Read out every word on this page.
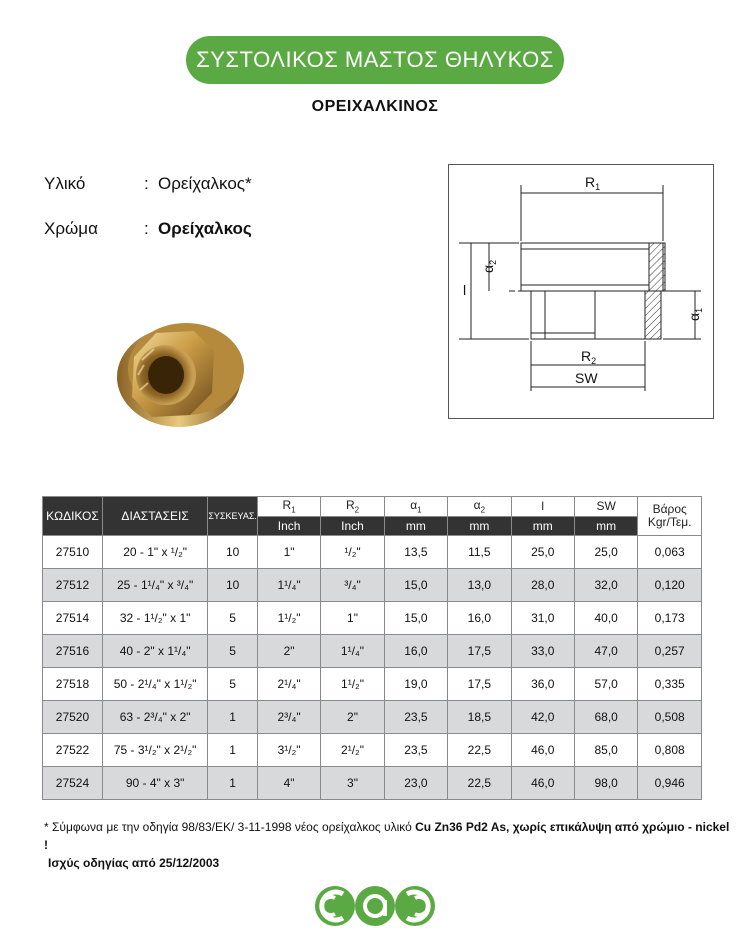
ΣΥΣΤΟΛΙΚΟΣ ΜΑΣΤΟΣ ΘΗΛΥΚΟΣ
ΟΡΕΙΧΑΛΚΙΝΟΣ
Υλικό	: Ορείχαλκος*
Χρώμα	: Ορείχαλκος
$R_1$
$R_2$
SW
l
$\alpha_2$
$\alpha_1$
ΚΩΔΙΚΟΣ	ΔΙΑΣΤΑΣΕΙΣ	ΣΥΣΚΕΥΑΣ.	$R_1$	$R_2$	$\alpha_1$	$\alpha_2$	l	SW	Βάρος
Kgr/Τεμ.
			Inch	Inch	mm	mm	mm	mm	
27510	20 - 1" x ¹/₂"	10	1"	¹/₂"	13,5	11,5	25,0	25,0	0,063
27512	25 - 1¹/₄" x ³/₄"	10	1¹/₄"	³/₄"	15,0	13,0	28,0	32,0	0,120
27514	32 - 1¹/₂" x 1"	5	1¹/₂"	1"	15,0	16,0	31,0	40,0	0,173
27516	40 - 2" x 1¹/₄"	5	2"	1¹/₄"	16,0	17,5	33,0	47,0	0,257
27518	50 - 2¹/₄" x 1¹/₂"	5	2¹/₄"	1¹/₂"	19,0	17,5	36,0	57,0	0,335
27520	63 - 2³/₄" x 2"	1	2³/₄"	2"	23,5	18,5	42,0	68,0	0,508
27522	75 - 3¹/₂" x 2¹/₂"	1	3¹/₂"	2¹/₂"	23,5	22,5	46,0	85,0	0,808
27524	90 - 4" x 3"	1	4"	3"	23,0	22,5	46,0	98,0	0,946
* Σύμφωνα με την οδηγία 98/83/ΕΚ/ 3-11-1998 νέος ορείχαλκος υλικό Cu Zn36 Pd2 As, χωρίς επικάλυψη από χρώμιο - nickel !
Ισχύς οδηγίας από 25/12/2003
